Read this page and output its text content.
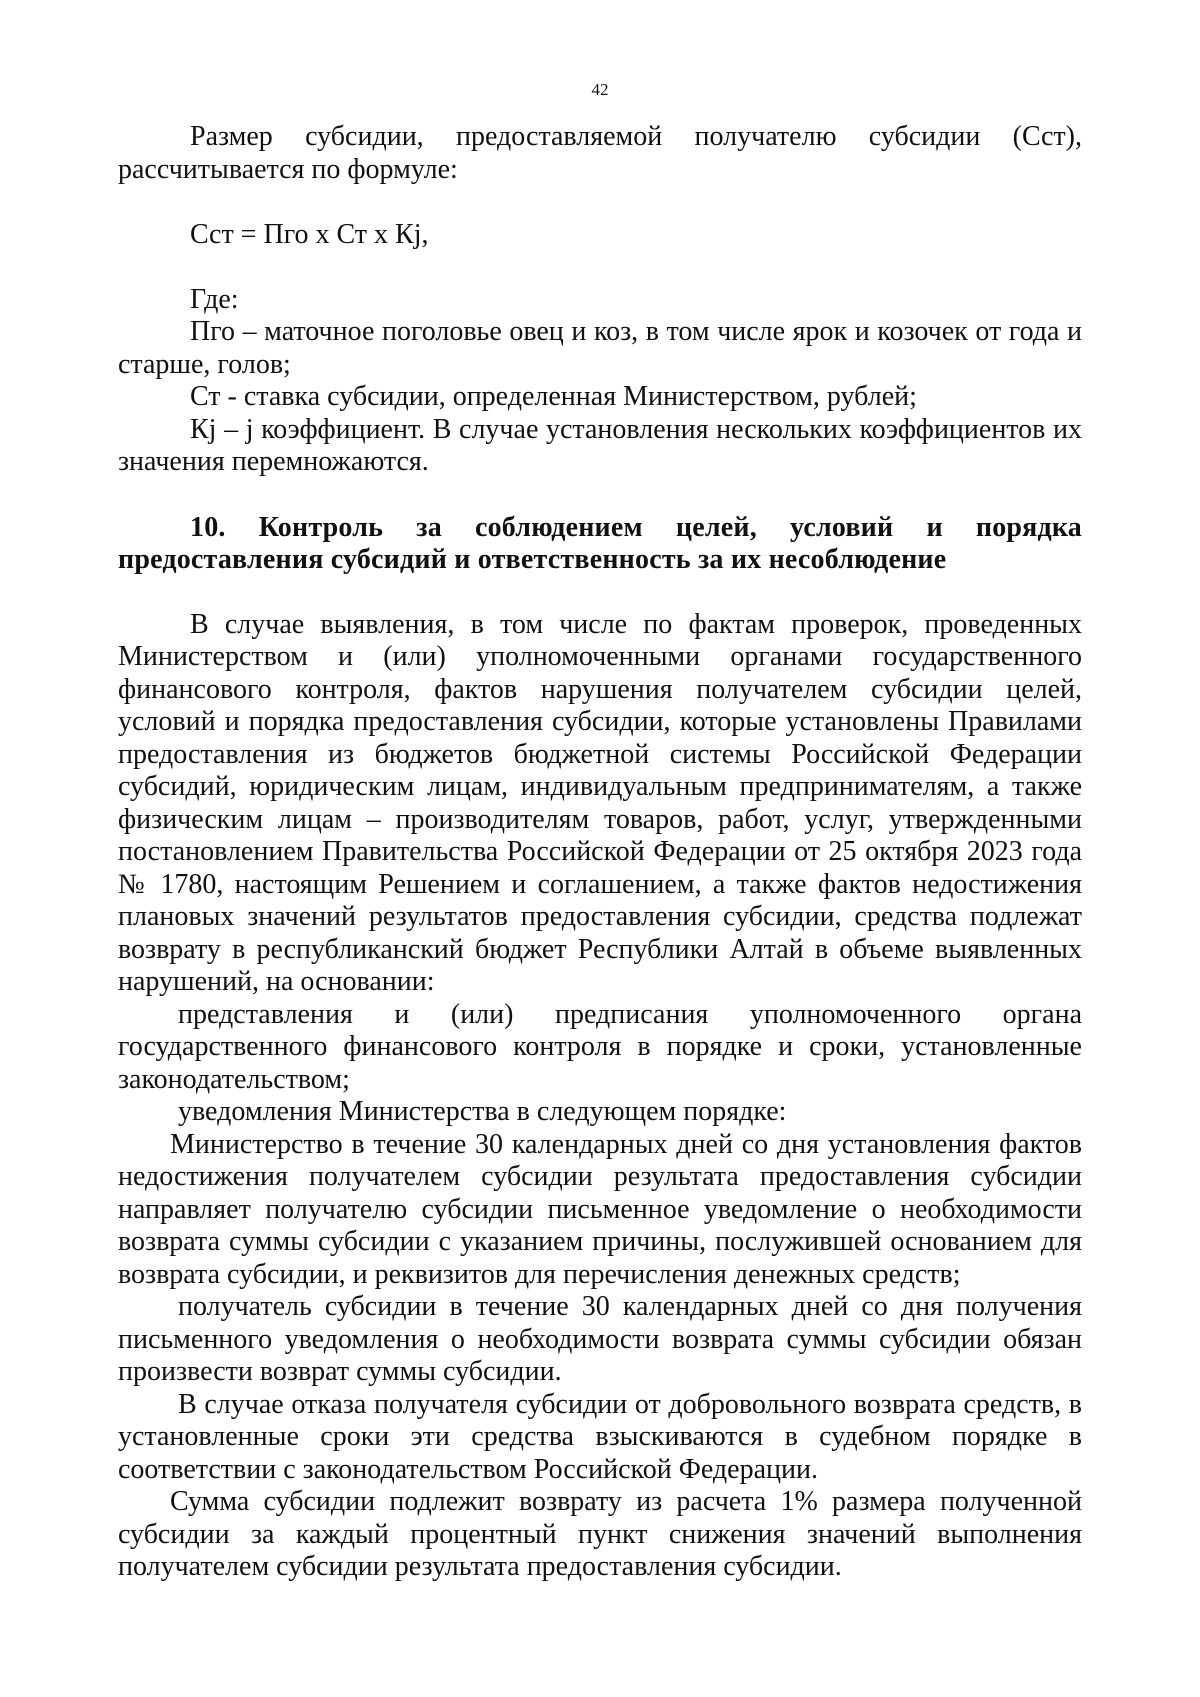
42

Размер субсидии, предоставляемой получателю субсидии (Сст), рассчитывается по формуле:

Сст = Пго х Ст х Кj,

Где:

Пго – маточное поголовье овец и коз, в том числе ярок и козочек от года и старше, голов;

Ст - ставка субсидии, определенная Министерством, рублей;

Кj – j коэффициент. В случае установления нескольких коэффициентов их значения перемножаются.

10. Контроль за соблюдением целей, условий и порядка предоставления субсидий и ответственность за их несоблюдение

В случае выявления, в том числе по фактам проверок, проведенных Министерством и (или) уполномоченными органами государственного финансового контроля, фактов нарушения получателем субсидии целей, условий и порядка предоставления субсидии, которые установлены Правилами предоставления из бюджетов бюджетной системы Российской Федерации субсидий, юридическим лицам, индивидуальным предпринимателям, а также физическим лицам – производителям товаров, работ, услуг, утвержденными постановлением Правительства Российской Федерации от 25 октября 2023 года № 1780, настоящим Решением и соглашением, а также фактов недостижения плановых значений результатов предоставления субсидии, средства подлежат возврату в республиканский бюджет Республики Алтай в объеме выявленных нарушений, на основании:

представления и (или) предписания уполномоченного органа государственного финансового контроля в порядке и сроки, установленные законодательством;

уведомления Министерства в следующем порядке:

Министерство в течение 30 календарных дней со дня установления фактов недостижения получателем субсидии результата предоставления субсидии направляет получателю субсидии письменное уведомление о необходимости возврата суммы субсидии с указанием причины, послужившей основанием для возврата субсидии, и реквизитов для перечисления денежных средств;

получатель субсидии в течение 30 календарных дней со дня получения письменного уведомления о необходимости возврата суммы субсидии обязан произвести возврат суммы субсидии.

В случае отказа получателя субсидии от добровольного возврата средств, в установленные сроки эти средства взыскиваются в судебном порядке в соответствии с законодательством Российской Федерации.

Сумма субсидии подлежит возврату из расчета 1% размера полученной субсидии за каждый процентный пункт снижения значений выполнения получателем субсидии результата предоставления субсидии.
